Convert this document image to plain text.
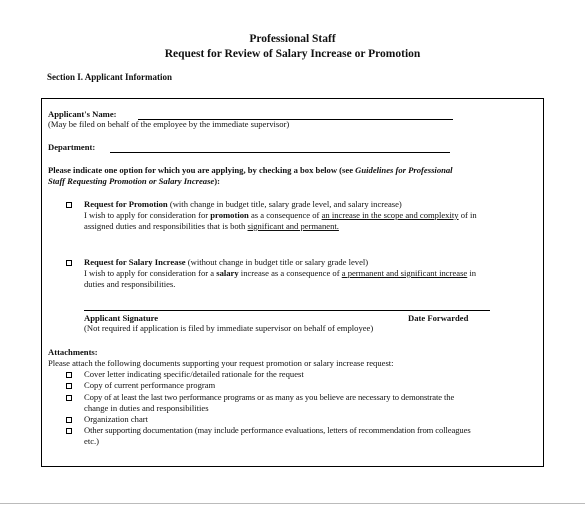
Professional Staff
Request for Review of Salary Increase or Promotion
Section I. Applicant Information
Applicant's Name:
(May be filed on behalf of the employee by the immediate supervisor)
Department:
Please indicate one option for which you are applying, by checking a box below (see Guidelines for Professional
Staff Requesting Promotion or Salary Increase):
Request for Promotion (with change in budget title, salary grade level, and salary increase)
I wish to apply for consideration for promotion as a consequence of an increase in the scope and complexity of in
assigned duties and responsibilities that is both significant and permanent.
Request for Salary Increase (without change in budget title or salary grade level)
I wish to apply for consideration for a salary increase as a consequence of a permanent and significant increase in
duties and responsibilities.
Applicant Signature	Date Forwarded
(Not required if application is filed by immediate supervisor on behalf of employee)
Attachments:
Please attach the following documents supporting your request promotion or salary increase request:
Cover letter indicating specific/detailed rationale for the request
Copy of current performance program
Copy of at least the last two performance programs or as many as you believe are necessary to demonstrate the
change in duties and responsibilities
Organization chart
Other supporting documentation (may include performance evaluations, letters of recommendation from colleagues
etc.)
